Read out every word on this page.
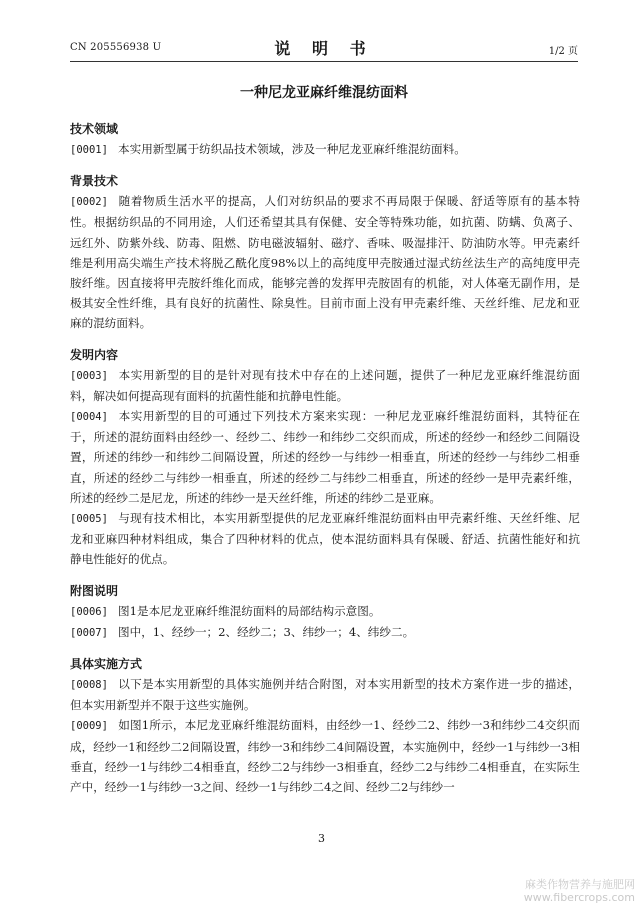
CN 205556938 U	说 明 书	1/2 页
一种尼龙亚麻纤维混纺面料

技术领域

[0001] 本实用新型属于纺织品技术领域，涉及一种尼龙亚麻纤维混纺面料。

背景技术

[0002] 随着物质生活水平的提高，人们对纺织品的要求不再局限于保暖、舒适等原有的基本特性。根据纺织品的不同用途，人们还希望其具有保健、安全等特殊功能，如抗菌、防螨、负离子、远红外、防紫外线、防毒、阻燃、防电磁波辐射、磁疗、香味、吸湿排汗、防油防水等。甲壳素纤维是利用高尖端生产技术将脱乙酰化度98%以上的高纯度甲壳胺通过湿式纺丝法生产的高纯度甲壳胺纤维。因直接将甲壳胺纤维化而成，能够完善的发挥甲壳胺固有的机能，对人体毫无副作用，是极其安全性纤维，具有良好的抗菌性、除臭性。目前市面上没有甲壳素纤维、天丝纤维、尼龙和亚麻的混纺面料。

发明内容

[0003] 本实用新型的目的是针对现有技术中存在的上述问题，提供了一种尼龙亚麻纤维混纺面料，解决如何提高现有面料的抗菌性能和抗静电性能。

[0004] 本实用新型的目的可通过下列技术方案来实现：一种尼龙亚麻纤维混纺面料，其特征在于，所述的混纺面料由经纱一、经纱二、纬纱一和纬纱二交织而成，所述的经纱一和经纱二间隔设置，所述的纬纱一和纬纱二间隔设置，所述的经纱一与纬纱一相垂直，所述的经纱一与纬纱二相垂直，所述的经纱二与纬纱一相垂直，所述的经纱二与纬纱二相垂直，所述的经纱一是甲壳素纤维，所述的经纱二是尼龙，所述的纬纱一是天丝纤维，所述的纬纱二是亚麻。

[0005] 与现有技术相比，本实用新型提供的尼龙亚麻纤维混纺面料由甲壳素纤维、天丝纤维、尼龙和亚麻四种材料组成，集合了四种材料的优点，使本混纺面料具有保暖、舒适、抗菌性能好和抗静电性能好的优点。

附图说明

[0006] 图1是本尼龙亚麻纤维混纺面料的局部结构示意图。

[0007] 图中，1、经纱一；2、经纱二；3、纬纱一；4、纬纱二。

具体实施方式

[0008] 以下是本实用新型的具体实施例并结合附图，对本实用新型的技术方案作进一步的描述，但本实用新型并不限于这些实施例。

[0009] 如图1所示，本尼龙亚麻纤维混纺面料，由经纱一1、经纱二2、纬纱一3和纬纱二4交织而成，经纱一1和经纱二2间隔设置，纬纱一3和纬纱二4间隔设置，本实施例中，经纱一1与纬纱一3相垂直，经纱一1与纬纱二4相垂直，经纱二2与纬纱一3相垂直，经纱二2与纬纱二4相垂直，在实际生产中，经纱一1与纬纱一3之间、经纱一1与纬纱二4之间、经纱二2与纬纱一

3
麻类作物营养与施肥网
www.fibercrops.com
